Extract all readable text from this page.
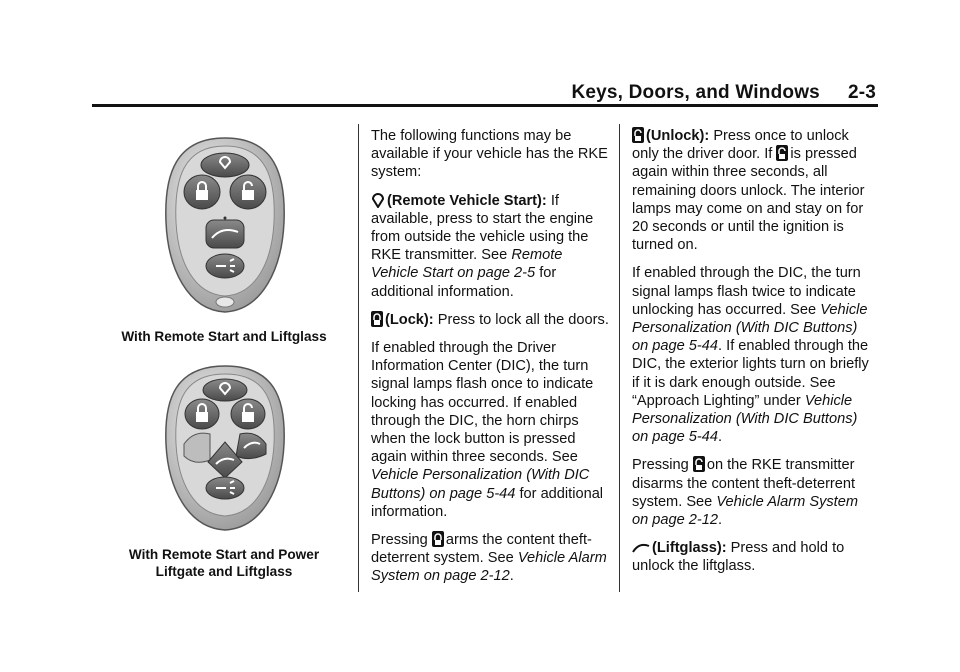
Keys, Doors, and Windows 2-3
With Remote Start and Liftglass
With Remote Start and Power
Liftgate and Liftglass

The following functions may be available if your vehicle has the RKE system:

(Remote Vehicle Start): If available, press to start the engine from outside the vehicle using the RKE transmitter. See Remote Vehicle Start on page 2-5 for additional information.

(Lock): Press to lock all the doors.

If enabled through the Driver Information Center (DIC), the turn signal lamps flash once to indicate locking has occurred. If enabled through the DIC, the horn chirps when the lock button is pressed again within three seconds. See Vehicle Personalization (With DIC Buttons) on page 5-44 for additional information.

Pressing arms the content theft-deterrent system. See Vehicle Alarm System on page 2-12.

(Unlock): Press once to unlock only the driver door. If is pressed again within three seconds, all remaining doors unlock. The interior lamps may come on and stay on for 20 seconds or until the ignition is turned on.

If enabled through the DIC, the turn signal lamps flash twice to indicate unlocking has occurred. See Vehicle Personalization (With DIC Buttons) on page 5-44. If enabled through the DIC, the exterior lights turn on briefly if it is dark enough outside. See “Approach Lighting” under Vehicle Personalization (With DIC Buttons) on page 5-44.

Pressing on the RKE transmitter disarms the content theft-deterrent system. See Vehicle Alarm System on page 2-12.

(Liftglass): Press and hold to unlock the liftglass.
